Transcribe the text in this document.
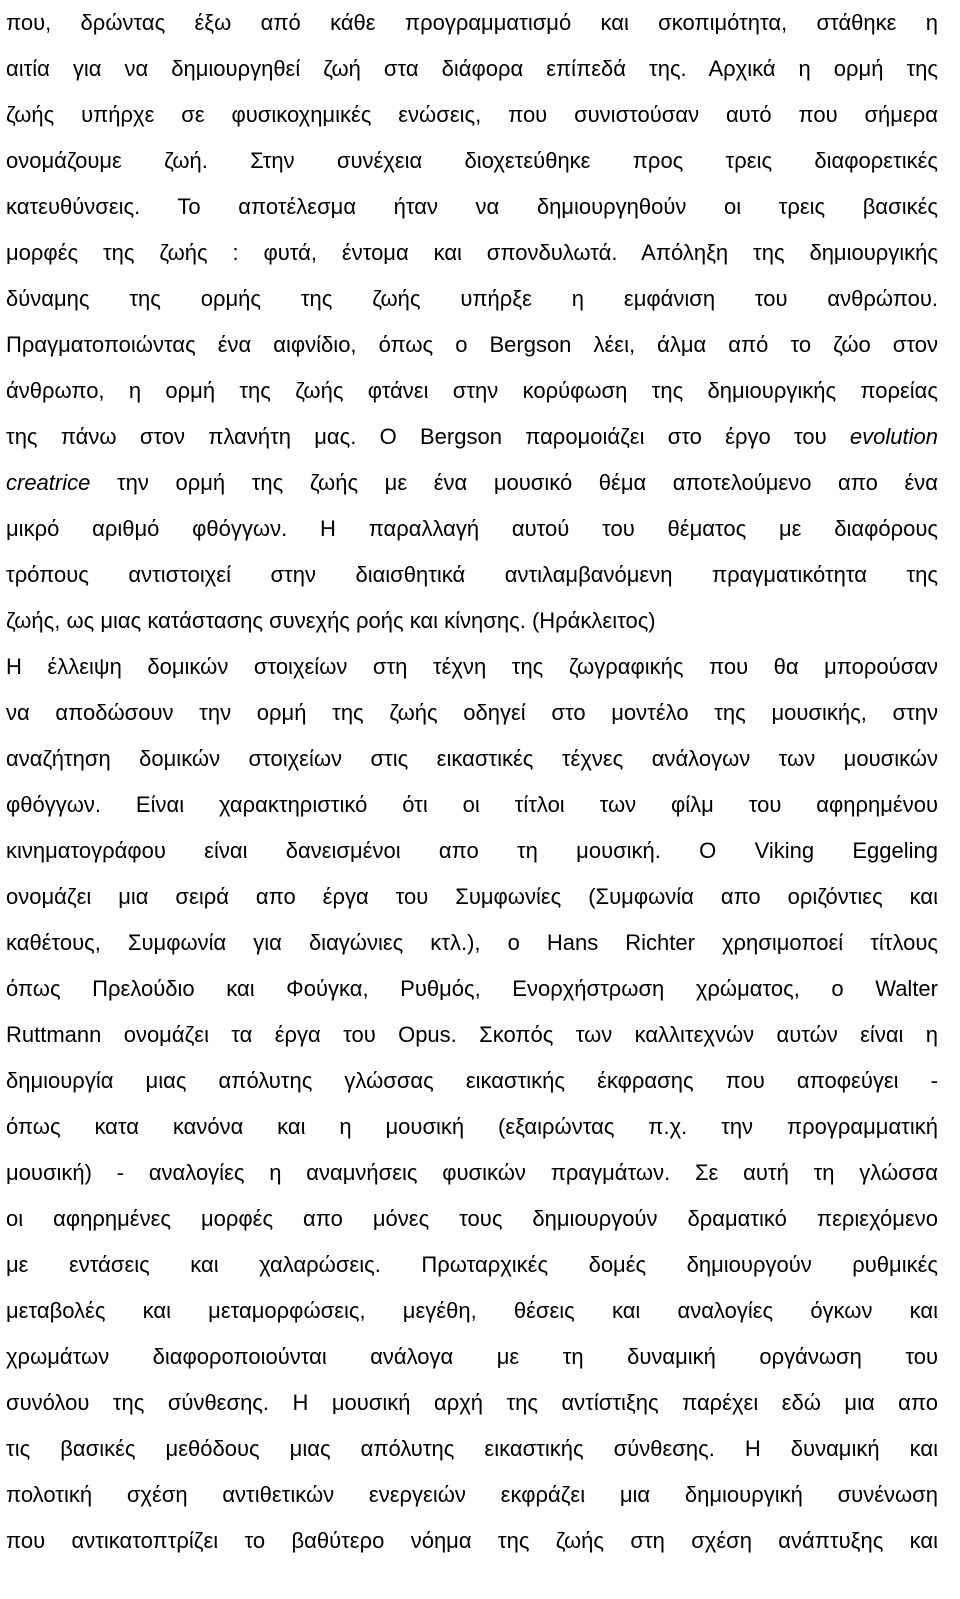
που, δρώντας έξω από κάθε προγραμματισμό και σκοπιμότητα, στάθηκε η
αιτία για να δημιουργηθεί ζωή στα διάφορα επίπεδά της. Αρχικά η ορμή της
ζωής υπήρχε σε φυσικοχημικές ενώσεις, που συνιστούσαν αυτό που σήμερα
ονομάζουμε ζωή. Στην συνέχεια διοχετεύθηκε προς τρεις διαφορετικές
κατευθύνσεις. Το αποτέλεσμα ήταν να δημιουργηθούν οι τρεις βασικές
μορφές της ζωής : φυτά, έντομα και σπονδυλωτά. Απόληξη της δημιουργικής
δύναμης της ορμής της ζωής υπήρξε η εμφάνιση του ανθρώπου.
Πραγματοποιώντας ένα αιφνίδιο, όπως ο Bergson λέει, άλμα από το ζώο στον
άνθρωπο, η ορμή της ζωής φτάνει στην κορύφωση της δημιουργικής πορείας
της πάνω στον πλανήτη μας. Ο Bergson παρομοιάζει στο έργο του evolution
creatrice την ορμή της ζωής με ένα μουσικό θέμα αποτελούμενο απο ένα
μικρό αριθμό φθόγγων. Η παραλλαγή αυτού του θέματος με διαφόρους
τρόπους αντιστοιχεί στην διαισθητικά αντιλαμβανόμενη πραγματικότητα της
ζωής, ως μιας κατάστασης συνεχής ροής και κίνησης. (Ηράκλειτος)
Η έλλειψη δομικών στοιχείων στη τέχνη της ζωγραφικής που θα μπορούσαν
να αποδώσουν την ορμή της ζωής οδηγεί στο μοντέλο της μουσικής, στην
αναζήτηση δομικών στοιχείων στις εικαστικές τέχνες ανάλογων των μουσικών
φθόγγων. Είναι χαρακτηριστικό ότι οι τίτλοι των φίλμ του αφηρημένου
κινηματογράφου είναι δανεισμένοι απο τη μουσική. Ο Viking Eggeling
ονομάζει μια σειρά απο έργα του Συμφωνίες (Συμφωνία απο οριζόντιες και
καθέτους, Συμφωνία για διαγώνιες κτλ.), ο Hans Richter χρησιμοποεί τίτλους
όπως Πρελούδιο και Φούγκα, Ρυθμός, Ενορχήστρωση χρώματος, ο Walter
Ruttmann ονομάζει τα έργα του Opus. Σκοπός των καλλιτεχνών αυτών είναι η
δημιουργία μιας απόλυτης γλώσσας εικαστικής έκφρασης που αποφεύγει -
όπως κατα κανόνα και η μουσική (εξαιρώντας π.χ. την προγραμματική
μουσική) - αναλογίες η αναμνήσεις φυσικών πραγμάτων. Σε αυτή τη γλώσσα
οι αφηρημένες μορφές απο μόνες τους δημιουργούν δραματικό περιεχόμενο
με εντάσεις και χαλαρώσεις. Πρωταρχικές δομές δημιουργούν ρυθμικές
μεταβολές και μεταμορφώσεις, μεγέθη, θέσεις και αναλογίες όγκων και
χρωμάτων διαφοροποιούνται ανάλογα με τη δυναμική οργάνωση του
συνόλου της σύνθεσης. Η μουσική αρχή της αντίστιξης παρέχει εδώ μια απο
τις βασικές μεθόδους μιας απόλυτης εικαστικής σύνθεσης. Η δυναμική και
πολοτική σχέση αντιθετικών ενεργειών εκφράζει μια δημιουργική συνένωση
που αντικατοπτρίζει το βαθύτερο νόημα της ζωής στη σχέση ανάπτυξης και
